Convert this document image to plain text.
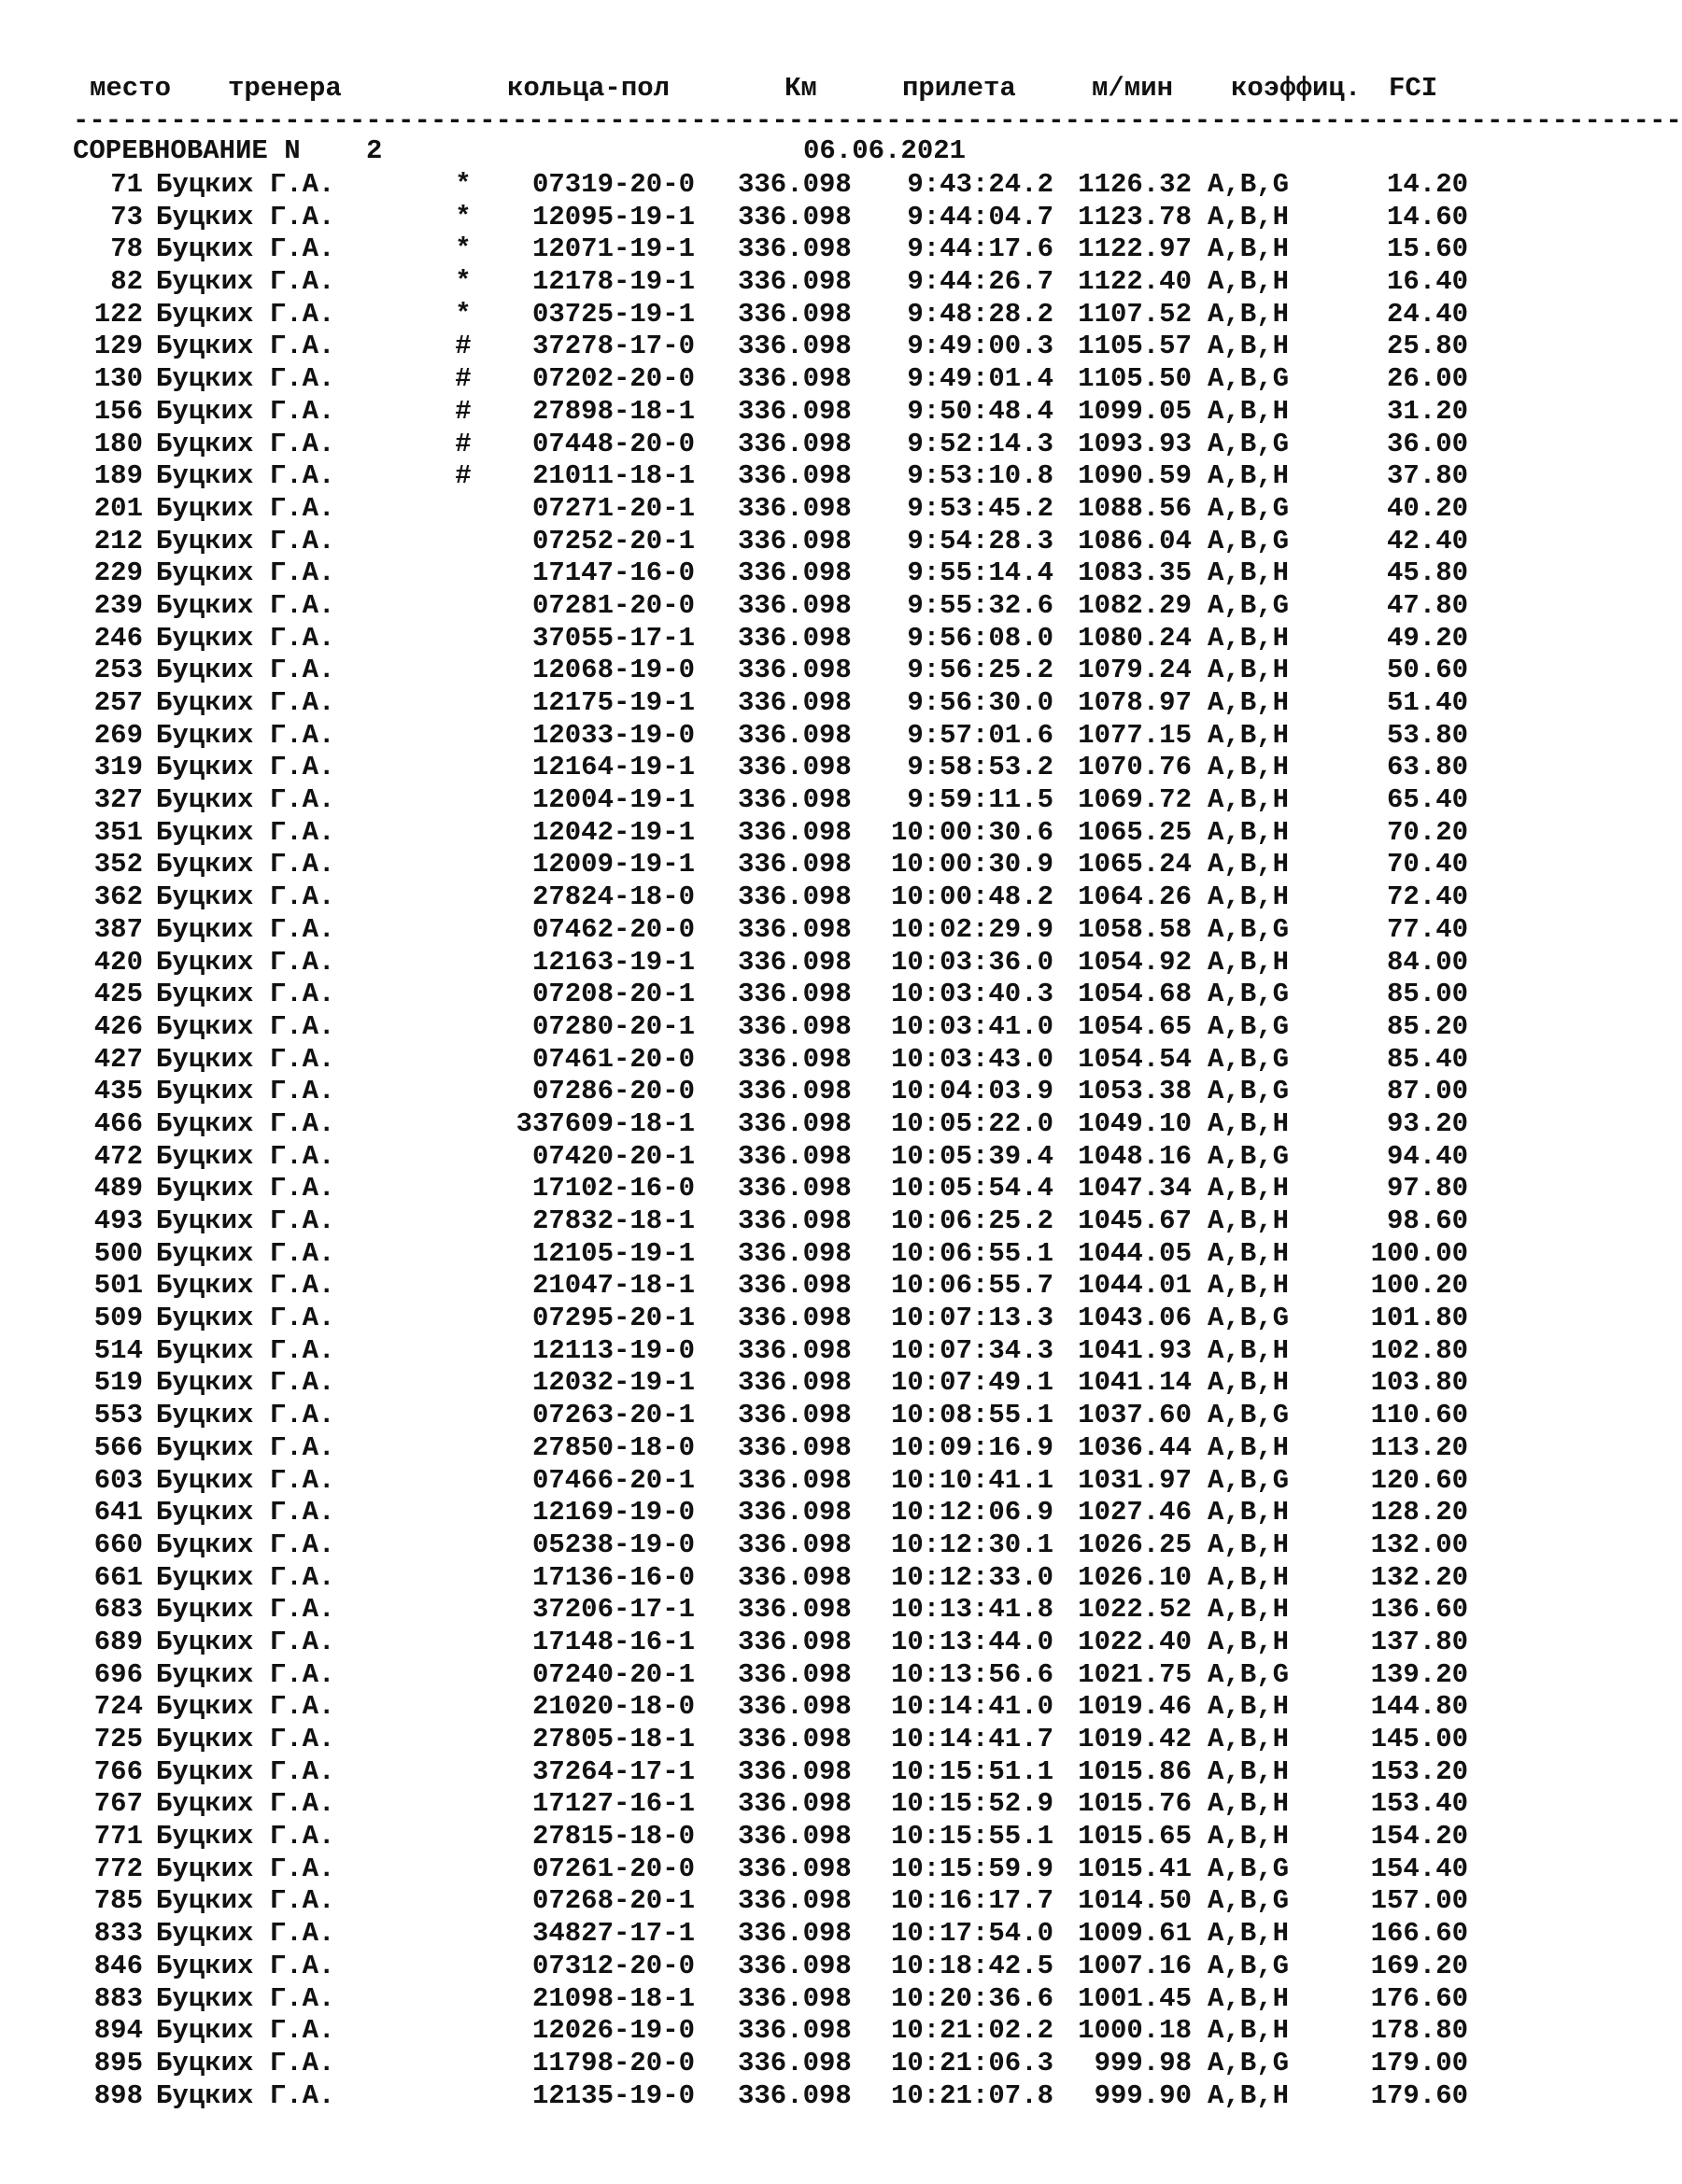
место тренера	кольца-пол	Км	прилета	м/мин коэффиц. FCI
---------------------------------------------------------------------------------------------------
СОРЕВНОВАНИЕ N 2	06.06.2021
71 Буцких Г.А.	*	07319-20-0 336.098	9:43:24.2 1126.32 A,B,G	14.20
73 Буцких Г.А.	*	12095-19-1 336.098	9:44:04.7 1123.78 A,B,H	14.60
78 Буцких Г.А.	*	12071-19-1 336.098	9:44:17.6 1122.97 A,B,H	15.60
82 Буцких Г.А.	*	12178-19-1 336.098	9:44:26.7 1122.40 A,B,H	16.40
122 Буцких Г.А.	*	03725-19-1 336.098	9:48:28.2 1107.52 A,B,H	24.40
129 Буцких Г.А.	#	37278-17-0 336.098	9:49:00.3 1105.57 A,B,H	25.80
130 Буцких Г.А.	#	07202-20-0 336.098	9:49:01.4 1105.50 A,B,G	26.00
156 Буцких Г.А.	#	27898-18-1 336.098	9:50:48.4 1099.05 A,B,H	31.20
180 Буцких Г.А.	#	07448-20-0 336.098	9:52:14.3 1093.93 A,B,G	36.00
189 Буцких Г.А.	#	21011-18-1 336.098	9:53:10.8 1090.59 A,B,H	37.80
201 Буцких Г.А.	07271-20-1 336.098	9:53:45.2 1088.56 A,B,G	40.20
212 Буцких Г.А.	07252-20-1 336.098	9:54:28.3 1086.04 A,B,G	42.40
229 Буцких Г.А.	17147-16-0 336.098	9:55:14.4 1083.35 A,B,H	45.80
239 Буцких Г.А.	07281-20-0 336.098	9:55:32.6 1082.29 A,B,G	47.80
246 Буцких Г.А.	37055-17-1 336.098	9:56:08.0 1080.24 A,B,H	49.20
253 Буцких Г.А.	12068-19-0 336.098	9:56:25.2 1079.24 A,B,H	50.60
257 Буцких Г.А.	12175-19-1 336.098	9:56:30.0 1078.97 A,B,H	51.40
269 Буцких Г.А.	12033-19-0 336.098	9:57:01.6 1077.15 A,B,H	53.80
319 Буцких Г.А.	12164-19-1 336.098	9:58:53.2 1070.76 A,B,H	63.80
327 Буцких Г.А.	12004-19-1 336.098	9:59:11.5 1069.72 A,B,H	65.40
351 Буцких Г.А.	12042-19-1 336.098	10:00:30.6 1065.25 A,B,H	70.20
352 Буцких Г.А.	12009-19-1 336.098	10:00:30.9 1065.24 A,B,H	70.40
362 Буцких Г.А.	27824-18-0 336.098	10:00:48.2 1064.26 A,B,H	72.40
387 Буцких Г.А.	07462-20-0 336.098	10:02:29.9 1058.58 A,B,G	77.40
420 Буцких Г.А.	12163-19-1 336.098	10:03:36.0 1054.92 A,B,H	84.00
425 Буцких Г.А.	07208-20-1 336.098	10:03:40.3 1054.68 A,B,G	85.00
426 Буцких Г.А.	07280-20-1 336.098	10:03:41.0 1054.65 A,B,G	85.20
427 Буцких Г.А.	07461-20-0 336.098	10:03:43.0 1054.54 A,B,G	85.40
435 Буцких Г.А.	07286-20-0 336.098	10:04:03.9 1053.38 A,B,G	87.00
466 Буцких Г.А.	337609-18-1 336.098	10:05:22.0 1049.10 A,B,H	93.20
472 Буцких Г.А.	07420-20-1 336.098	10:05:39.4 1048.16 A,B,G	94.40
489 Буцких Г.А.	17102-16-0 336.098	10:05:54.4 1047.34 A,B,H	97.80
493 Буцких Г.А.	27832-18-1 336.098	10:06:25.2 1045.67 A,B,H	98.60
500 Буцких Г.А.	12105-19-1 336.098	10:06:55.1 1044.05 A,B,H	100.00
501 Буцких Г.А.	21047-18-1 336.098	10:06:55.7 1044.01 A,B,H	100.20
509 Буцких Г.А.	07295-20-1 336.098	10:07:13.3 1043.06 A,B,G	101.80
514 Буцких Г.А.	12113-19-0 336.098	10:07:34.3 1041.93 A,B,H	102.80
519 Буцких Г.А.	12032-19-1 336.098	10:07:49.1 1041.14 A,B,H	103.80
553 Буцких Г.А.	07263-20-1 336.098	10:08:55.1 1037.60 A,B,G	110.60
566 Буцких Г.А.	27850-18-0 336.098	10:09:16.9 1036.44 A,B,H	113.20
603 Буцких Г.А.	07466-20-1 336.098	10:10:41.1 1031.97 A,B,G	120.60
641 Буцких Г.А.	12169-19-0 336.098	10:12:06.9 1027.46 A,B,H	128.20
660 Буцких Г.А.	05238-19-0 336.098	10:12:30.1 1026.25 A,B,H	132.00
661 Буцких Г.А.	17136-16-0 336.098	10:12:33.0 1026.10 A,B,H	132.20
683 Буцких Г.А.	37206-17-1 336.098	10:13:41.8 1022.52 A,B,H	136.60
689 Буцких Г.А.	17148-16-1 336.098	10:13:44.0 1022.40 A,B,H	137.80
696 Буцких Г.А.	07240-20-1 336.098	10:13:56.6 1021.75 A,B,G	139.20
724 Буцких Г.А.	21020-18-0 336.098	10:14:41.0 1019.46 A,B,H	144.80
725 Буцких Г.А.	27805-18-1 336.098	10:14:41.7 1019.42 A,B,H	145.00
766 Буцких Г.А.	37264-17-1 336.098	10:15:51.1 1015.86 A,B,H	153.20
767 Буцких Г.А.	17127-16-1 336.098	10:15:52.9 1015.76 A,B,H	153.40
771 Буцких Г.А.	27815-18-0 336.098	10:15:55.1 1015.65 A,B,H	154.20
772 Буцких Г.А.	07261-20-0 336.098	10:15:59.9 1015.41 A,B,G	154.40
785 Буцких Г.А.	07268-20-1 336.098	10:16:17.7 1014.50 A,B,G	157.00
833 Буцких Г.А.	34827-17-1 336.098	10:17:54.0 1009.61 A,B,H	166.60
846 Буцких Г.А.	07312-20-0 336.098	10:18:42.5 1007.16 A,B,G	169.20
883 Буцких Г.А.	21098-18-1 336.098	10:20:36.6 1001.45 A,B,H	176.60
894 Буцких Г.А.	12026-19-0 336.098	10:21:02.2 1000.18 A,B,H	178.80
895 Буцких Г.А.	11798-20-0 336.098	10:21:06.3	999.98 A,B,G	179.00
898 Буцких Г.А.	12135-19-0 336.098	10:21:07.8	999.90 A,B,H	179.60
